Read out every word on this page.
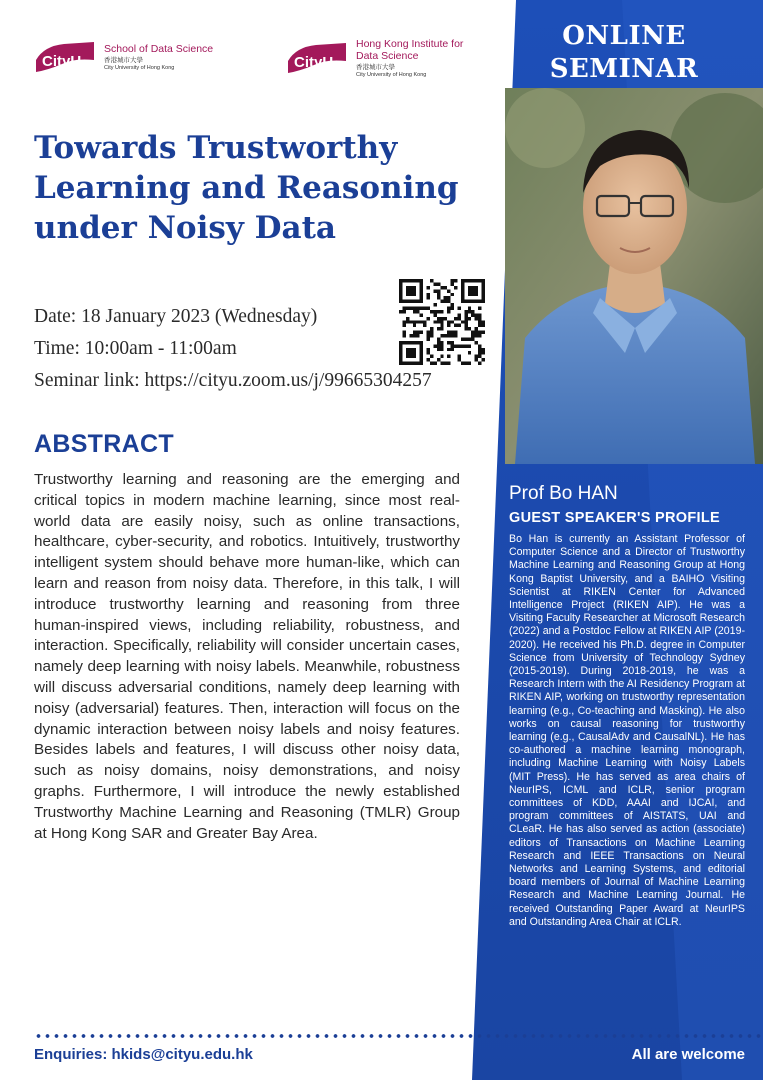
CityU
School of Data Science
香港城市大學
City University of Hong Kong	CityU
Hong Kong Institute for
Data Science
香港城市大學
City University of Hong Kong
Towards Trustworthy Learning and Reasoning under Noisy Data
Date: 18 January 2023 (Wednesday)
Time: 10:00am - 11:00am
Seminar link: https://cityu.zoom.us/j/99665304257
ABSTRACT

Trustworthy learning and reasoning are the emerging and critical topics in modern machine learning, since most real-world data are easily noisy, such as online transactions, healthcare, cyber-security, and robotics. Intuitively, trustworthy intelligent system should behave more human-like, which can learn and reason from noisy data. Therefore, in this talk, I will introduce trustworthy learning and reasoning from three human-inspired views, including reliability, robustness, and interaction. Specifically, reliability will consider uncertain cases, namely deep learning with noisy labels. Meanwhile, robustness will discuss adversarial conditions, namely deep learning with noisy (adversarial) features. Then, interaction will focus on the dynamic interaction between noisy labels and noisy features. Besides labels and features, I will discuss other noisy data, such as noisy domains, noisy demonstrations, and noisy graphs. Furthermore, I will introduce the newly established Trustworthy Machine Learning and Reasoning (TMLR) Group at Hong Kong SAR and Greater Bay Area.

ONLINE
SEMINAR
Prof Bo HAN
GUEST SPEAKER'S PROFILE

Bo Han is currently an Assistant Professor of Computer Science and a Director of Trustworthy Machine Learning and Reasoning Group at Hong Kong Baptist University, and a BAIHO Visiting Scientist at RIKEN Center for Advanced Intelligence Project (RIKEN AIP). He was a Visiting Faculty Researcher at Microsoft Research (2022) and a Postdoc Fellow at RIKEN AIP (2019-2020). He received his Ph.D. degree in Computer Science from University of Technology Sydney (2015-2019). During 2018-2019, he was a Research Intern with the AI Residency Program at RIKEN AIP, working on trustworthy representation learning (e.g., Co-teaching and Masking). He also works on causal reasoning for trustworthy learning (e.g., CausalAdv and CausalNL). He has co-authored a machine learning monograph, including Machine Learning with Noisy Labels (MIT Press). He has served as area chairs of NeurIPS, ICML and ICLR, senior program committees of KDD, AAAI and IJCAI, and program committees of AISTATS, UAI and CLeaR. He has also served as action (associate) editors of Transactions on Machine Learning Research and IEEE Transactions on Neural Networks and Learning Systems, and editorial board members of Journal of Machine Learning Research and Machine Learning Journal. He received Outstanding Paper Award at NeurIPS and Outstanding Area Chair at ICLR.

Enquiries: hkids@cityu.edu.hk	All are welcome
